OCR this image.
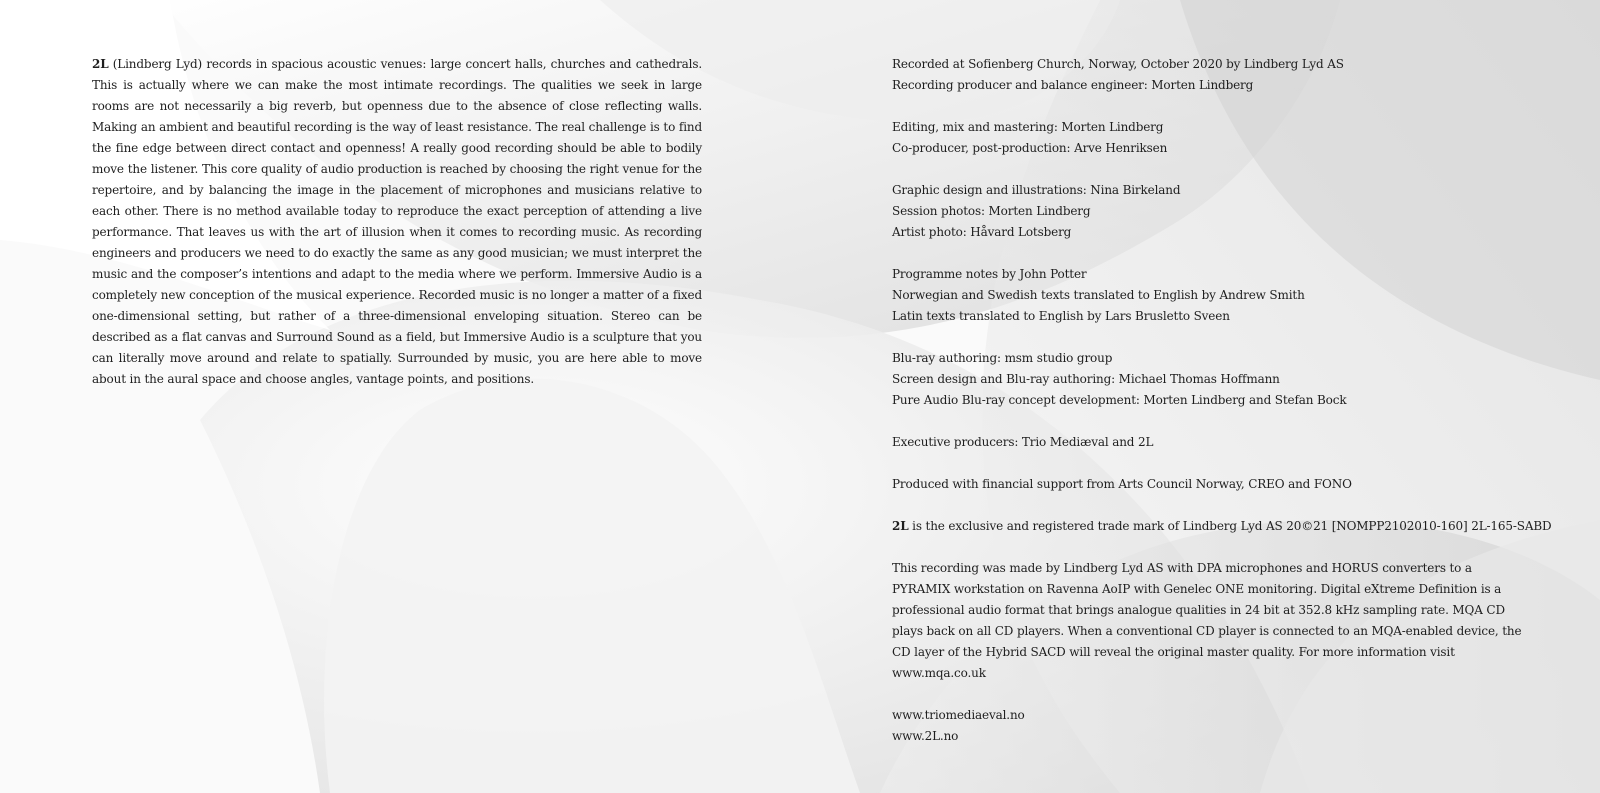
2L (Lindberg Lyd) records in spacious acoustic venues: large concert halls, churches and cathedrals. This is actually where we can make the most intimate recordings. The qualities we seek in large rooms are not necessarily a big reverb, but openness due to the absence of close reflecting walls. Making an ambient and beautiful recording is the way of least resistance. The real challenge is to find the fine edge between direct contact and openness! A really good recording should be able to bodily move the listener. This core quality of audio production is reached by choosing the right venue for the repertoire, and by balancing the image in the placement of microphones and musicians relative to each other. There is no method available today to reproduce the exact perception of attending a live performance. That leaves us with the art of illusion when it comes to recording music. As recording engineers and producers we need to do exactly the same as any good musician; we must interpret the music and the composer’s intentions and adapt to the media where we perform. Immersive Audio is a completely new conception of the musical experience. Recorded music is no longer a matter of a fixed one-dimensional setting, but rather of a three-dimensional enveloping situation. Stereo can be described as a flat canvas and Surround Sound as a field, but Immersive Audio is a sculpture that you can literally move around and relate to spatially. Surrounded by music, you are here able to move about in the aural space and choose angles, vantage points, and positions.
Recorded at Sofienberg Church, Norway, October 2020 by Lindberg Lyd AS
Recording producer and balance engineer: Morten Lindberg
Editing, mix and mastering: Morten Lindberg
Co-producer, post-production: Arve Henriksen
Graphic design and illustrations: Nina Birkeland
Session photos: Morten Lindberg
Artist photo: Håvard Lotsberg
Programme notes by John Potter
Norwegian and Swedish texts translated to English by Andrew Smith
Latin texts translated to English by Lars Brusletto Sveen
Blu-ray authoring: msm studio group
Screen design and Blu-ray authoring: Michael Thomas Hoffmann
Pure Audio Blu-ray concept development: Morten Lindberg and Stefan Bock
Executive producers: Trio Mediæval and 2L
Produced with financial support from Arts Council Norway, CREO and FONO
2L is the exclusive and registered trade mark of Lindberg Lyd AS 20©21 [NOMPP2102010-160] 2L-165-SABD
This recording was made by Lindberg Lyd AS with DPA microphones and HORUS converters to a PYRAMIX workstation on Ravenna AoIP with Genelec ONE monitoring. Digital eXtreme Definition is a professional audio format that brings analogue qualities in 24 bit at 352.8 kHz sampling rate. MQA CD plays back on all CD players. When a conventional CD player is connected to an MQA-enabled device, the CD layer of the Hybrid SACD will reveal the original master quality. For more information visit www.mqa.co.uk
www.triomediaeval.no
www.2L.no
